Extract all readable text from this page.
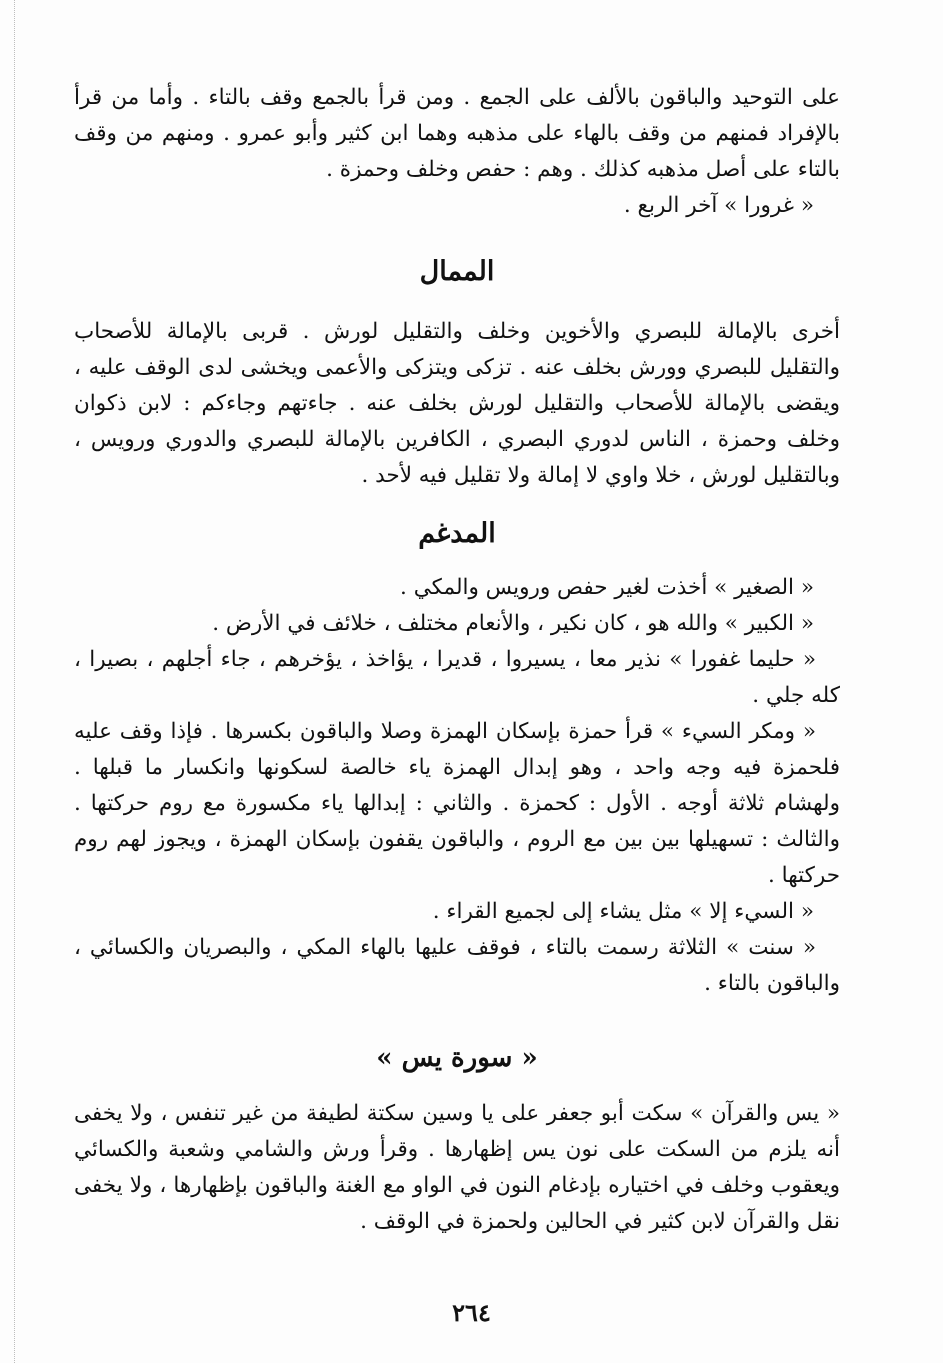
على التوحيد والباقون بالألف على الجمع . ومن قرأ بالجمع وقف بالتاء . وأما من قرأ بالإفراد فمنهم من وقف بالهاء على مذهبه وهما ابن كثير وأبو عمرو . ومنهم من وقف بالتاء على أصل مذهبه كذلك . وهم : حفص وخلف وحمزة .

« غرورا » آخر الربع .

الممال

أخرى بالإمالة للبصري والأخوين وخلف والتقليل لورش . قربى بالإمالة للأصحاب والتقليل للبصري وورش بخلف عنه . تزكى ويتزكى والأعمى ويخشى لدى الوقف عليه ، ويقضى بالإمالة للأصحاب والتقليل لورش بخلف عنه . جاءتهم وجاءكم : لابن ذكوان وخلف وحمزة ، الناس لدوري البصري ، الكافرين بالإمالة للبصري والدوري ورويس ، وبالتقليل لورش ، خلا واوي لا إمالة ولا تقليل فيه لأحد .

المدغم

« الصغير » أخذت لغير حفص ورويس والمكي .

« الكبير » والله هو ، كان نكير ، والأنعام مختلف ، خلائف في الأرض .

« حليما غفورا » نذير معا ، يسيروا ، قديرا ، يؤاخذ ، يؤخرهم ، جاء أجلهم ، بصيرا ، كله جلي .

« ومكر السيء » قرأ حمزة بإسكان الهمزة وصلا والباقون بكسرها . فإذا وقف عليه فلحمزة فيه وجه واحد ، وهو إبدال الهمزة ياء خالصة لسكونها وانكسار ما قبلها . ولهشام ثلاثة أوجه . الأول : كحمزة . والثاني : إبدالها ياء مكسورة مع روم حركتها . والثالث : تسهيلها بين بين مع الروم ، والباقون يقفون بإسكان الهمزة ، ويجوز لهم روم حركتها .

« السيء إلا » مثل يشاء إلى لجميع القراء .

« سنت » الثلاثة رسمت بالتاء ، فوقف عليها بالهاء المكي ، والبصريان والكسائي ، والباقون بالتاء .

« سورة يس »

« يس والقرآن » سكت أبو جعفر على يا وسين سكتة لطيفة من غير تنفس ، ولا يخفى أنه يلزم من السكت على نون يس إظهارها . وقرأ ورش والشامي وشعبة والكسائي ويعقوب وخلف في اختياره بإدغام النون في الواو مع الغنة والباقون بإظهارها ، ولا يخفى نقل والقرآن لابن كثير في الحالين ولحمزة في الوقف .

٢٦٤
